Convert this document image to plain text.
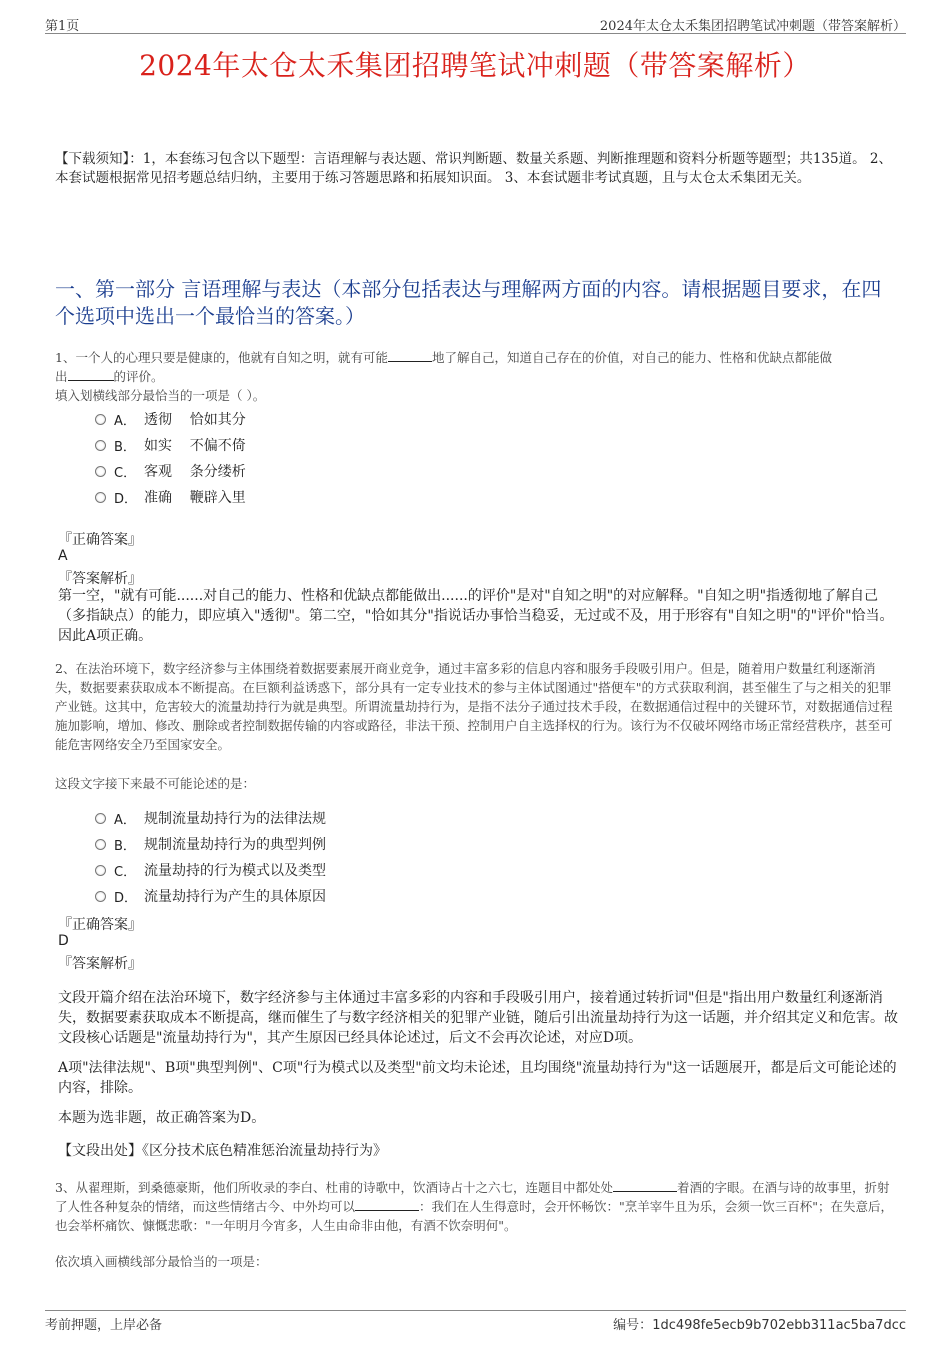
第1页	2024年太仓太禾集团招聘笔试冲刺题（带答案解析）
2024年太仓太禾集团招聘笔试冲刺题（带答案解析）

【下载须知】：1，本套练习包含以下题型：言语理解与表达题、常识判断题、数量关系题、判断推理题和资料分析题等题型；共135道。 2、本套试题根据常见招考题总结归纳，主要用于练习答题思路和拓展知识面。 3、本套试题非考试真题，且与太仓太禾集团无关。

一、第一部分 言语理解与表达（本部分包括表达与理解两方面的内容。请根据题目要求，在四个选项中选出一个最恰当的答案。）
1、一个人的心理只要是健康的，他就有自知之明，就有可能	地了解自己，知道自己存在的价值，对自己的能力、性格和优缺点都能做
出	的评价。
填入划横线部分最恰当的一项是（ ）。
A． 透彻    恰如其分
B． 如实    不偏不倚
C． 客观    条分缕析
D． 准确    鞭辟入里
『正确答案』
A
『答案解析』

第一空，"就有可能......对自己的能力、性格和优缺点都能做出......的评价"是对"自知之明"的对应解释。"自知之明"指透彻地了解自己（多指缺点）的能力，即应填入"透彻"。第二空，"恰如其分"指说话办事恰当稳妥，无过或不及，用于形容有"自知之明"的"评价"恰当。因此A项正确。

2、在法治环境下，数字经济参与主体围绕着数据要素展开商业竞争，通过丰富多彩的信息内容和服务手段吸引用户。但是，随着用户数量红利逐渐消失，数据要素获取成本不断提高。在巨额利益诱惑下，部分具有一定专业技术的参与主体试图通过"搭便车"的方式获取利润，甚至催生了与之相关的犯罪产业链。这其中，危害较大的流量劫持行为就是典型。所谓流量劫持行为，是指不法分子通过技术手段，在数据通信过程中的关键环节，对数据通信过程施加影响，增加、修改、删除或者控制数据传输的内容或路径，非法干预、控制用户自主选择权的行为。该行为不仅破坏网络市场正常经营秩序，甚至可能危害网络安全乃至国家安全。

这段文字接下来最不可能论述的是：

A． 规制流量劫持行为的法律法规
B． 规制流量劫持行为的典型判例
C． 流量劫持的行为模式以及类型
D． 流量劫持行为产生的具体原因
『正确答案』
D
『答案解析』

文段开篇介绍在法治环境下，数字经济参与主体通过丰富多彩的内容和手段吸引用户，接着通过转折词"但是"指出用户数量红利逐渐消失，数据要素获取成本不断提高，继而催生了与数字经济相关的犯罪产业链，随后引出流量劫持行为这一话题，并介绍其定义和危害。故文段核心话题是"流量劫持行为"，其产生原因已经具体论述过，后文不会再次论述，对应D项。

A项"法律法规"、B项"典型判例"、C项"行为模式以及类型"前文均未论述，且均围绕"流量劫持行为"这一话题展开，都是后文可能论述的内容，排除。

本题为选非题，故正确答案为D。

【文段出处】《区分技术底色精准惩治流量劫持行为》

3、从翟理斯，到桑德豪斯，他们所收录的李白、杜甫的诗歌中，饮酒诗占十之六七，连题目中都处处	着酒的字眼。在酒与诗的故事里，折射了人性各种复杂的情绪，而这些情绪古今、中外均可以	：我们在人生得意时，会开怀畅饮："烹羊宰牛且为乐，会须一饮三百杯"；在失意后，也会举杯痛饮、慷慨悲歌："一年明月今宵多，人生由命非由他，有酒不饮奈明何"。

依次填入画横线部分最恰当的一项是：

考前押题，上岸必备	编号：1dc498fe5ecb9b702ebb311ac5ba7dcc
